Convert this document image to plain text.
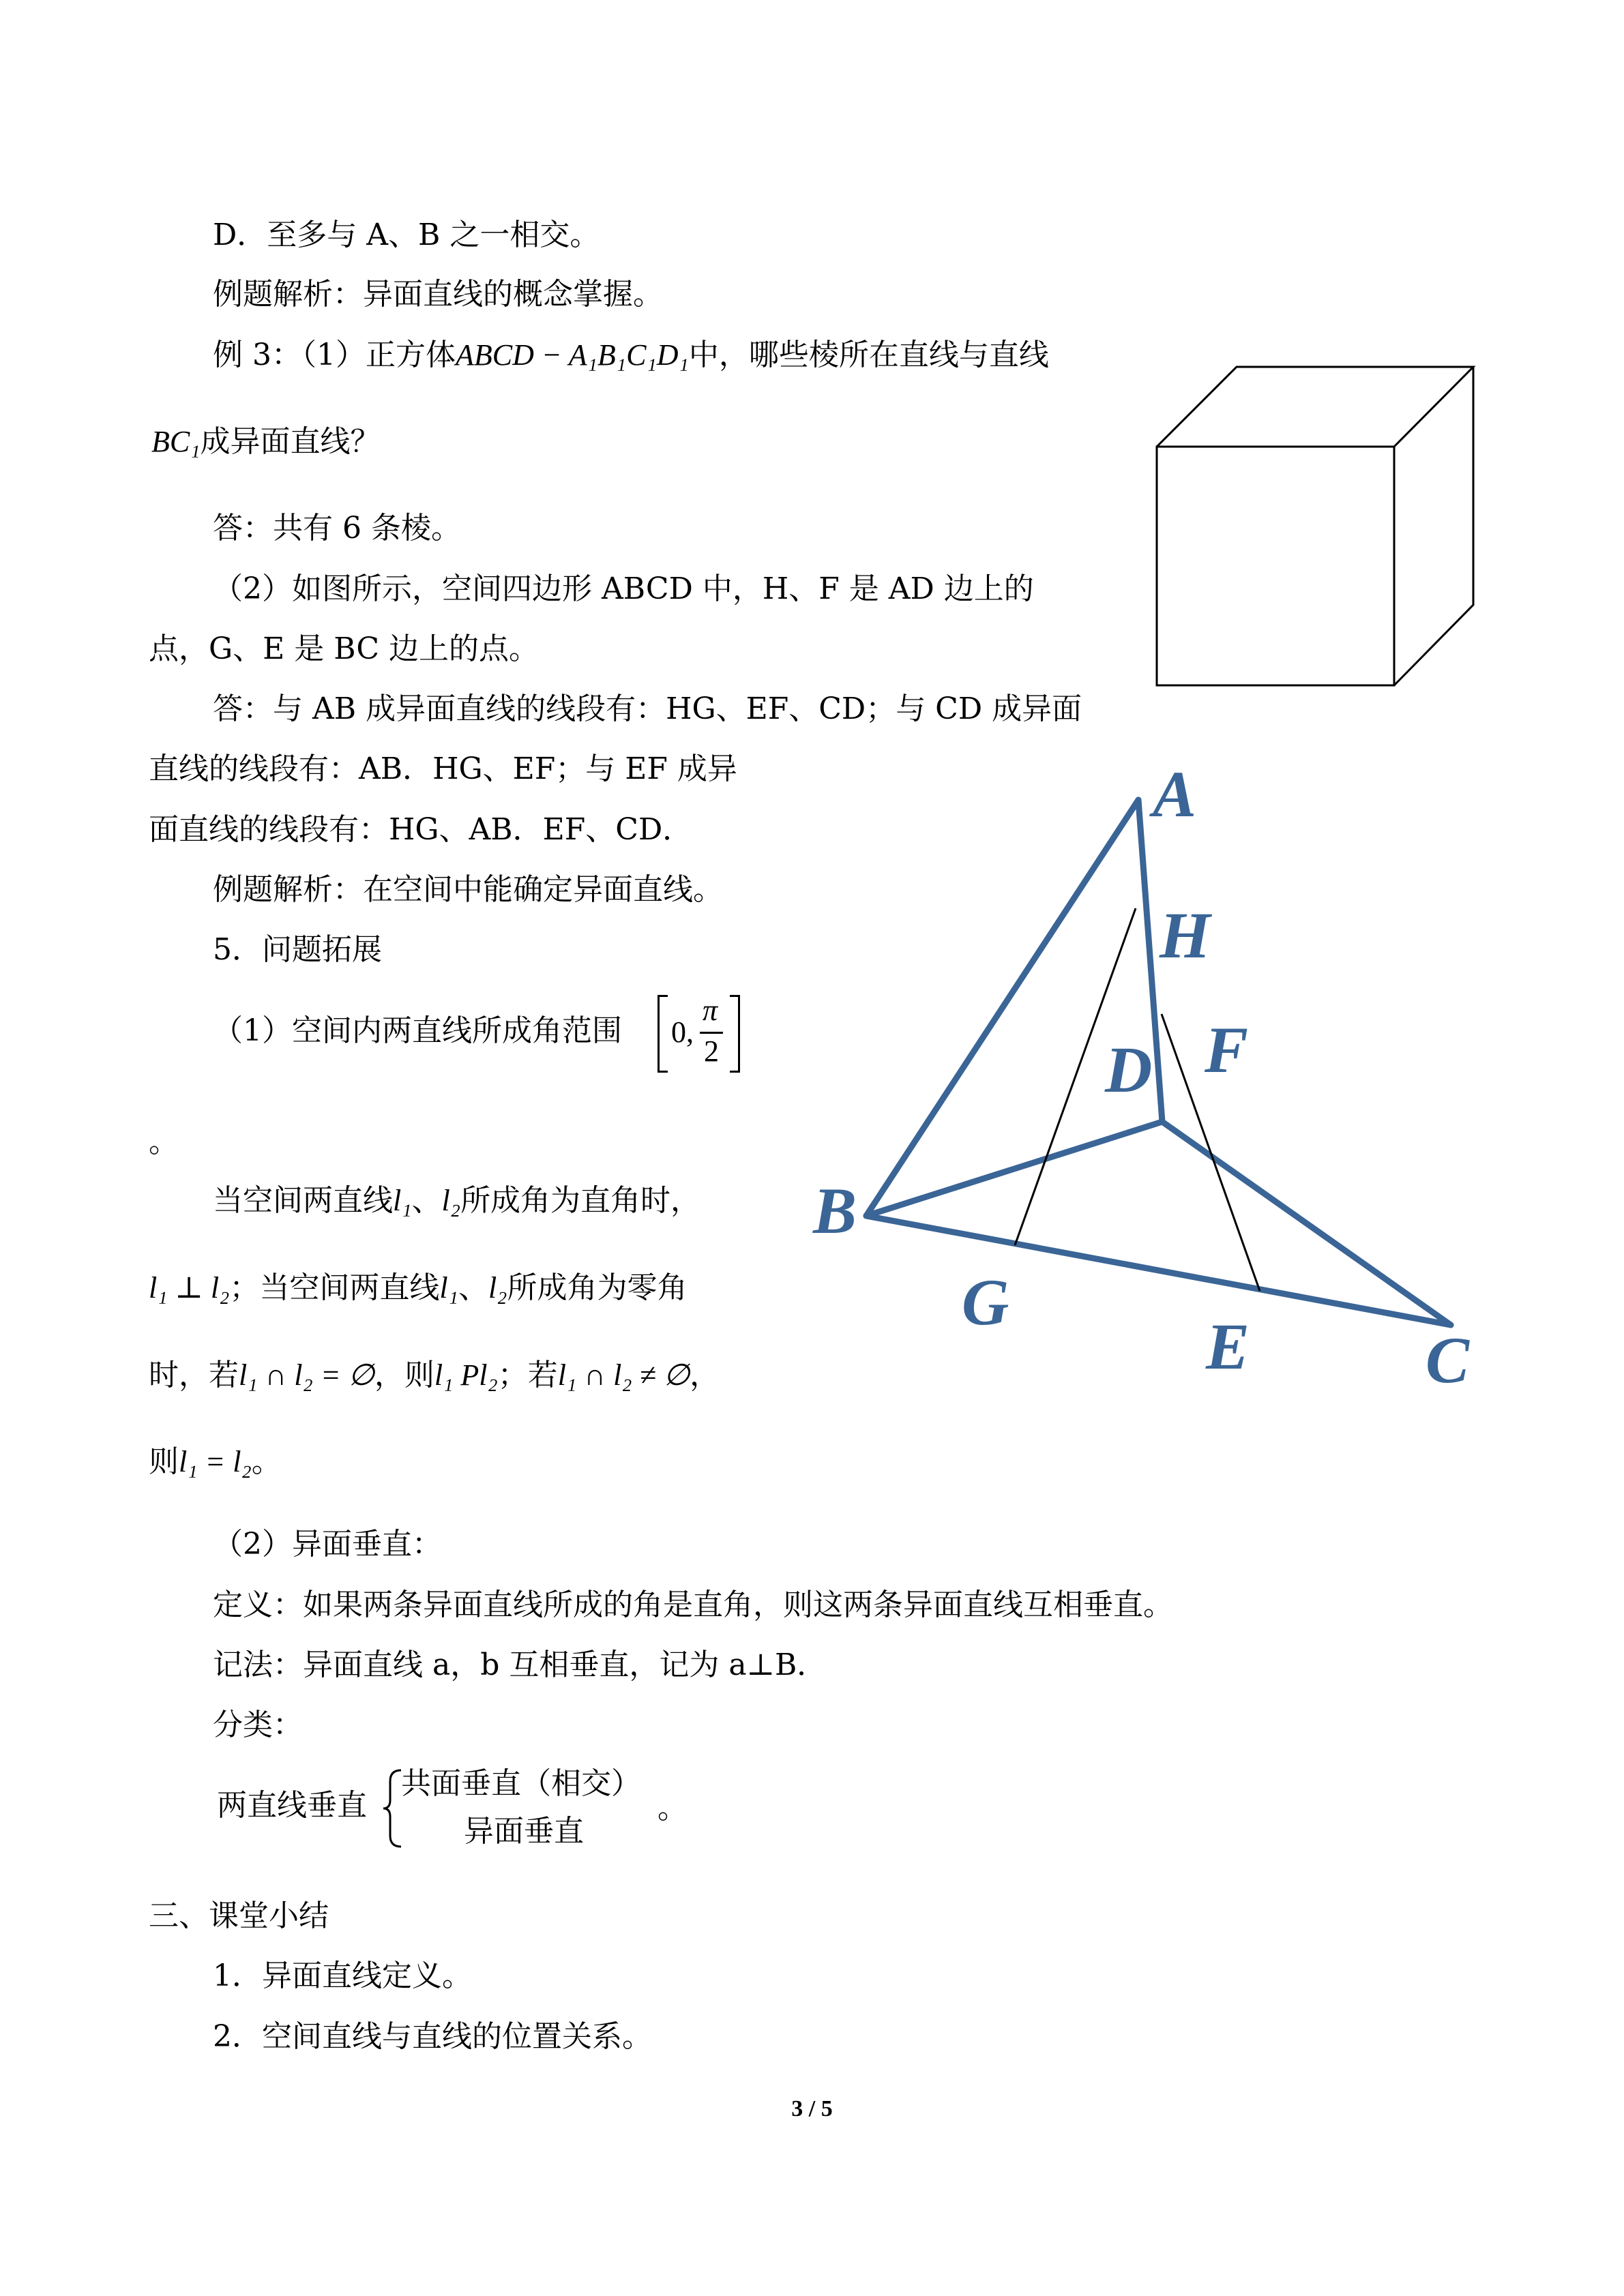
D．至多与 A、B 之一相交。
例题解析：异面直线的概念掌握。
例 3：（1）正方体ABCD − A₁B₁C₁D₁中，哪些棱所在直线与直线
BC₁成异面直线？
答：共有 6 条棱。
（2）如图所示，空间四边形 ABCD 中，H、F 是 AD 边上的
点，G、E 是 BC 边上的点。
答：与 AB 成异面直线的线段有：HG、EF、CD；与 CD 成异面
直线的线段有：AB．HG、EF；与 EF 成异
面直线的线段有：HG、AB．EF、CD．
例题解析：在空间中能确定异面直线。
5．问题拓展
（1）空间内两直线所成角范围 0,
π
2
。
当空间两直线l₁、l₂所成角为直角时，
l₁ ⊥ l₂；当空间两直线l₁、l₂所成角为零角
时，若l₁ ∩ l₂ = ∅，则l₁ Pl₂；若l₁ ∩ l₂ ≠ ∅，
则l₁ = l₂。
（2）异面垂直：
定义：如果两条异面直线所成的角是直角，则这两条异面直线互相垂直。
记法：异面直线 a，b 互相垂直，记为 a⊥B．
分类：
两直线垂直
共面垂直（相交）
异面垂直
。
三、课堂小结
1．异面直线定义。
2．空间直线与直线的位置关系。
A
H
F
D
B
G
E	C
3 / 5
